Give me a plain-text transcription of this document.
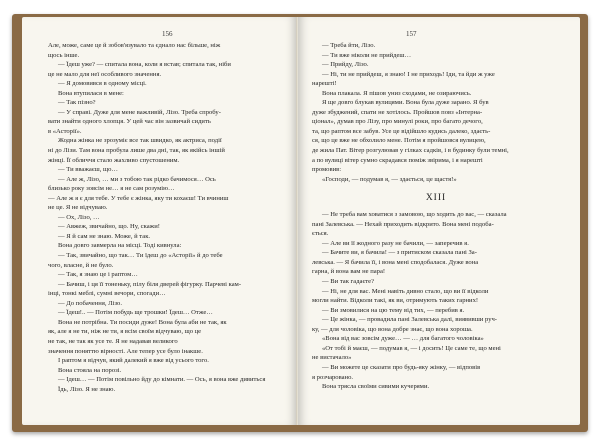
156

Але, може, саме це й зобов'язувало та єднало нас більше, ніж

щось інше.

— Їдеш уже? — спитала вона, коли я встав; спитала так, ніби

це не мало для неї особливого значення.

— Я домовився в одному місці.

Вона втупилася в мене:

— Так пізно?

— У справі. Дуже для мене важливій, Лізо. Треба спробу-

вати знайти одного хлопця. У цей час він зазвичай сидить

в «Асторії».

Жодна жінка не зрозуміє все так швидко, як актриса, події

ні до Лізи. Там вона пробула лише два дні, так, як якійсь іншій

жінці. Її обличчя стало жахливо спустошеним.

— Ти вважаєш, що…

— Але ж, Лізо, … ми з тобою так рідко бачимося… Ось

близько року зовсім не… я не сам розумію…

— Але ж я є для тебе. У тебе є жінка, яку ти кохаєш! Ти вчиниш

не це. Я не відчуваю.

— Ох, Лізо, …

— Авжеж, звичайно, що. Ну, скажи!

— Я й сам не знаю. Може, й так.

Вона довго завмерла на місці. Тоді кивнула:

— Так, звичайно, що так… Ти їдеш до «Асторії» й до тебе

чого, власне, й не було.

— Так, я знаю це і раптом…

— Бачиш, і ця її тоненьку, пілу біля дверей фігурку. Парчеві кам-

інці, тонкі меблі, сумні вечори, спогади…

— До побачення, Лізо.

— Їдеш!.. — Потім побудь ще трошки! Їдеш… Отже…

Вона не потрібна. Ти посиди дуже! Вона була аби не так, як

як, але я не ти, ніж не ти, я всім своїм відчуваю, що це

не так, не так як усе те. Я не надавав великого

значення поняттю вірності. Але тепер усе було інакше.

І раптом я відчув, який далекий я вже від усього того.

Вона стояла на порозі.

— Ідеш… — Потім повільно йду до кімнати. — Ось, я вона вже дивиться

Їдь, Лізо. Я не знаю.

157

— Треба йти, Лізо.

— Ти вже ніколи не прийдеш…

— Прийду, Лізо.

— Ні, ти не прийдеш, я знаю! І не приходь! Іди, та йди ж уже

нарешті!

Вона плакала. Я пішов униз сходами, не озираючись.

Я ще довго блукав вулицями. Вона була дуже зарано. Я був

дуже збуджений, спати не хотілось. Пройшов повз «Інтерна-

ціонал», думав про Лізу, про минулі роки, про багато дечого,

та, що раптом все забув. Усе це відійшло кудись далеко, здаєть-

ся, що це вже не обхолило мене. Потім я пройшовся вулицею,

де жила Пат. Вітер розгулював у гілках садків, і в будинку були темні,

а по вулиці вітер сумно скрадався поміж звірима, і я нарешті

промовив:

«Господи, — подумав я, — здається, це щастя!»

XIII

— Не треба вам ховатися з замовою, що ходить до вас, — сказала

пані Залевська. — Нехай приходить відкрито. Вона мені подоба-

ється.

— Але ви її жодного разу не бачили, — заперечив я.

— Бачите ви, я бачила! — з притиском сказала пані За-

левська. — Я бачила її, і вона мені сподобалася. Дуже вона

гарна, й вона вам не пара!

— Ви так гадаєте?

— Ні, не для вас. Мені навіть дивно стало, що ви її відколи

могли найти. Відколи такі, як ви, отримують таких гарних!

— Ви змовилися на цю тему від тих, — перебив я.

— Це жінка, — провадила пані Залевська далі, виявивши руч-

ку, — для чоловіка, що вона добре знає, що вона хороша.

«Вона від вас зовсім дуже… — … для багатого чоловіка»

«От тобі й маєш, — подумав я, — і досить! Це саме те, що мені

не вистачало»

— Ви можете це сказати про будь-яку жінку, — відповів

я розчаровано.

Вона трясла своїми сивими кучерями.
